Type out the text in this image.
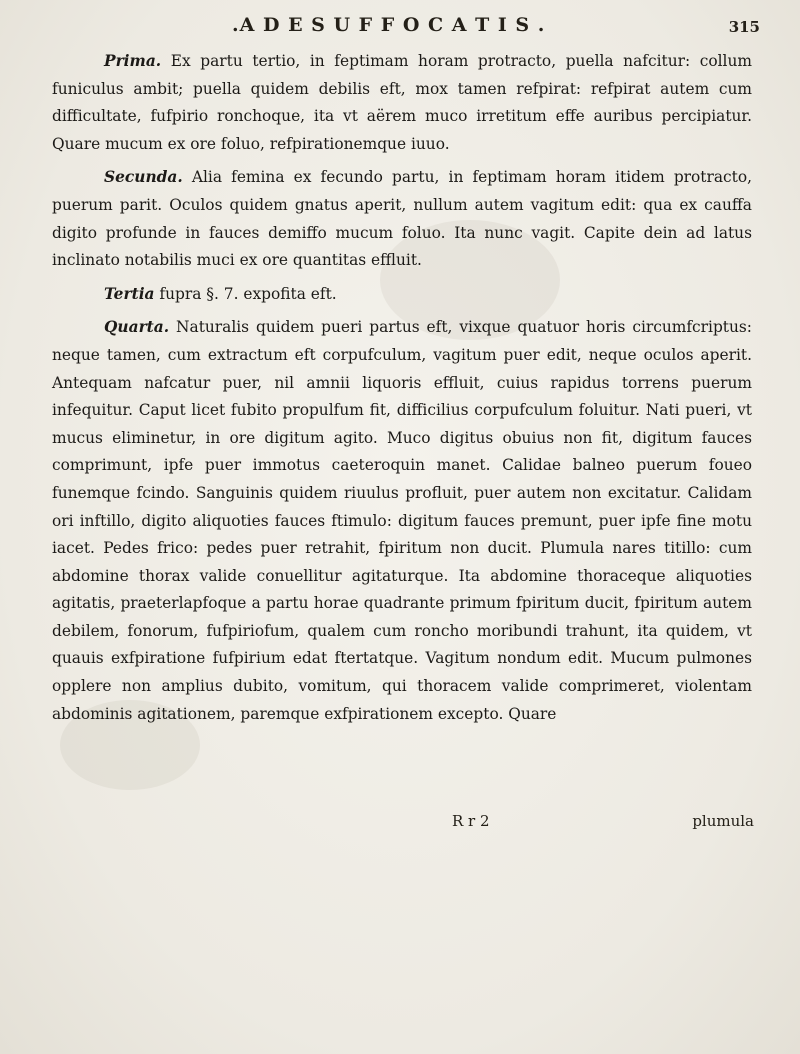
.A D E S U F F O C A T I S .	315

Prima. Ex partu tertio, in feptimam horam protracto, puella nafcitur: collum funiculus ambit; puella quidem debilis eft, mox tamen refpirat: refpirat autem cum difficultate, fufpirio ronchoque, ita vt aërem muco irretitum effe auribus percipiatur. Quare mucum ex ore foluo, refpirationemque iuuo.

Secunda. Alia femina ex fecundo partu, in feptimam horam itidem protracto, puerum parit. Oculos quidem gnatus aperit, nullum autem vagitum edit: qua ex cauffa digito profunde in fauces demiffo mucum foluo. Ita nunc vagit. Capite dein ad latus inclinato notabilis muci ex ore quantitas effluit.

Tertia fupra §. 7. expofita eft.

Quarta. Naturalis quidem pueri partus eft, vixque quatuor horis circumfcriptus: neque tamen, cum extractum eft corpufculum, vagitum puer edit, neque oculos aperit. Antequam nafcatur puer, nil amnii liquoris effluit, cuius rapidus torrens puerum infequitur. Caput licet fubito propulfum fit, difficilius corpufculum foluitur. Nati pueri, vt mucus eliminetur, in ore digitum agito. Muco digitus obuius non fit, digitum fauces comprimunt, ipfe puer immotus caeteroquin manet. Calidae balneo puerum foueo funemque fcindo. Sanguinis quidem riuulus profluit, puer autem non excitatur. Calidam ori inftillo, digito aliquoties fauces ftimulo: digitum fauces premunt, puer ipfe fine motu iacet. Pedes frico: pedes puer retrahit, fpiritum non ducit. Plumula nares titillo: cum abdomine thorax valide conuellitur agitaturque. Ita abdomine thoraceque aliquoties agitatis, praeterlapfoque a partu horae quadrante primum fpiritum ducit, fpiritum autem debilem, fonorum, fufpiriofum, qualem cum roncho moribundi trahunt, ita quidem, vt quauis exfpiratione fufpirium edat ftertatque. Vagitum nondum edit. Mucum pulmones opplere non amplius dubito, vomitum, qui thoracem valide comprimeret, violentam abdominis agitationem, paremque exfpirationem excepto. Quare

R r 2	plumula
